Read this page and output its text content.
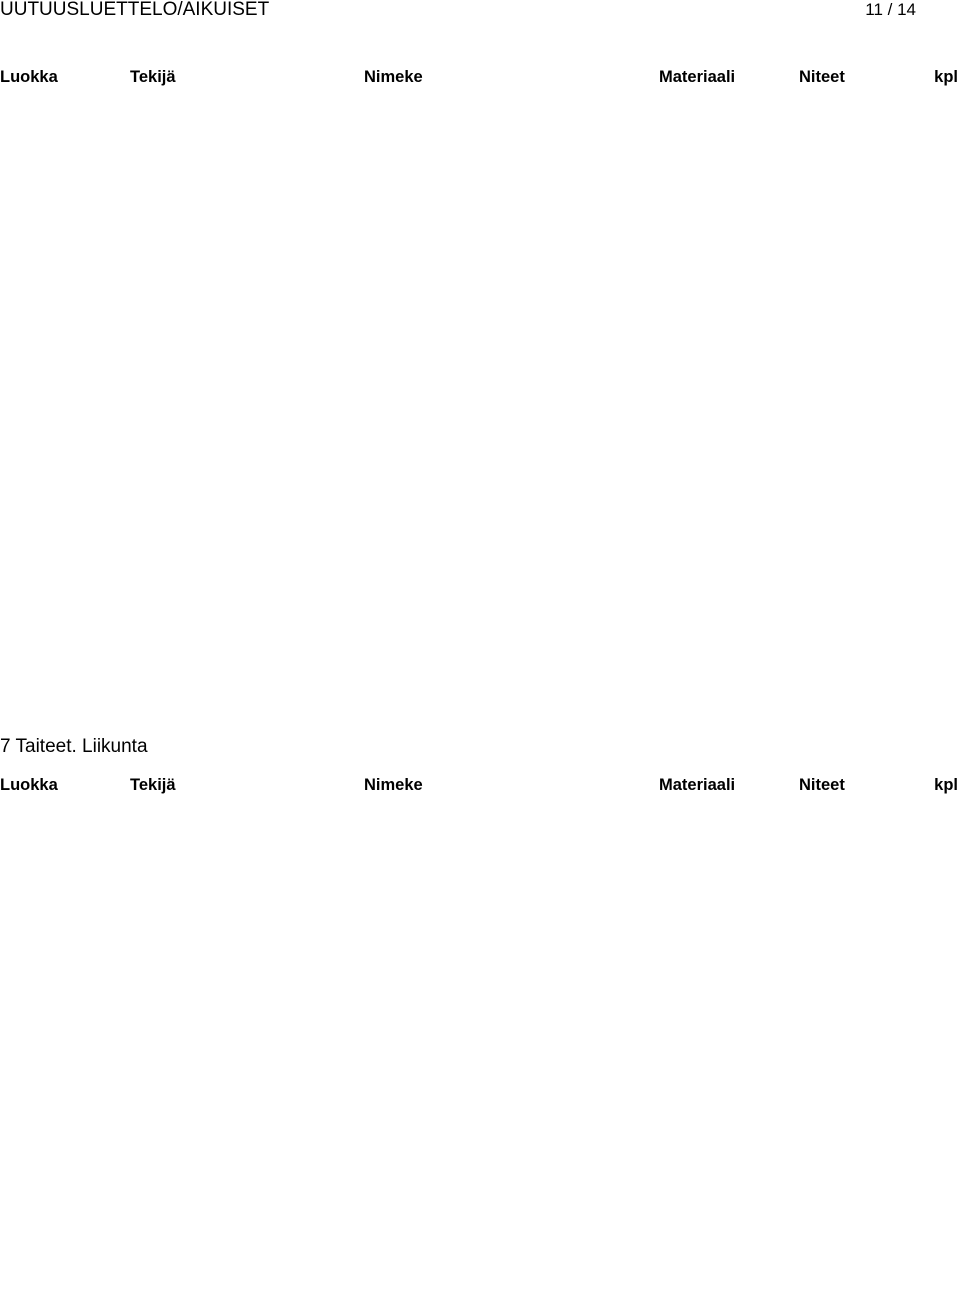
UUTUUSLUETTELO/AIKUISET	11 / 14
Luokka	Tekijä	Nimeke	Materiaali	Niteet	kpl
7 Taiteet. Liikunta
Luokka	Tekijä	Nimeke	Materiaali	Niteet	kpl
